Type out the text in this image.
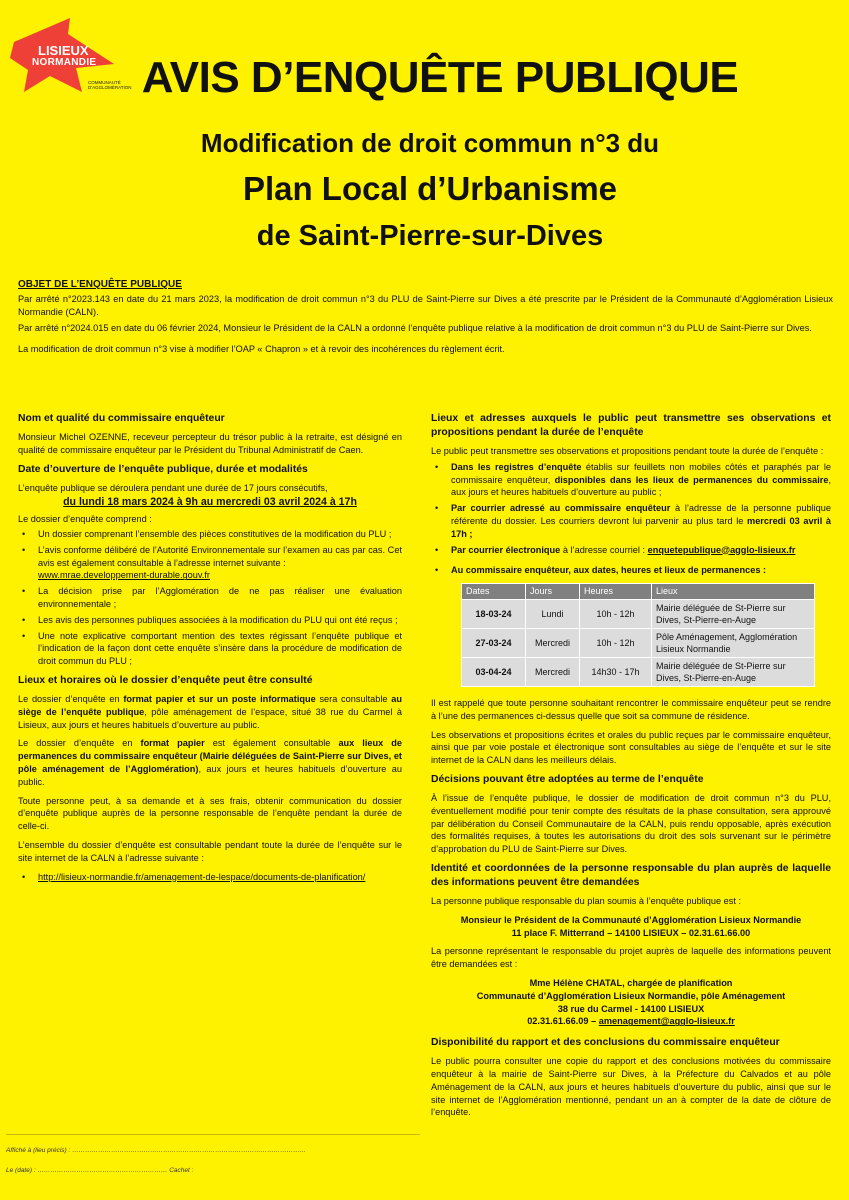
LISIEUX
NORMANDIE
COMMUNAUTÉ D'AGGLOMÉRATION AVIS D’ENQUÊTE PUBLIQUE
Modification de droit commun n°3 du
Plan Local d’Urbanisme
de Saint-Pierre-sur-Dives
OBJET DE L’ENQUÊTE PUBLIQUE

Par arrêté n°2023.143 en date du 21 mars 2023, la modification de droit commun n°3 du PLU de Saint-Pierre sur Dives a été prescrite par le Président de la Communauté d’Agglomération Lisieux Normandie (CALN).

Par arrêté n°2024.015 en date du 06 février 2024, Monsieur le Président de la CALN a ordonné l’enquête publique relative à la modification de droit commun n°3 du PLU de Saint-Pierre sur Dives.

La modification de droit commun n°3 vise à modifier l’OAP « Chapron » et à revoir des incohérences du règlement écrit.

Nom et qualité du commissaire enquêteur

Monsieur Michel OZENNE, receveur percepteur du trésor public à la retraite, est désigné en qualité de commissaire enquêteur par le Président du Tribunal Administratif de Caen.

Date d’ouverture de l’enquête publique, durée et modalités

L’enquête publique se déroulera pendant une durée de 17 jours consécutifs,

du lundi 18 mars 2024 à 9h au mercredi 03 avril 2024 à 17h

Le dossier d’enquête comprend :

• Un dossier comprenant l’ensemble des pièces constitutives de la modification du PLU ;
• L’avis conforme délibéré de l’Autorité Environnementale sur l’examen au cas par cas. Cet avis est également consultable à l’adresse internet suivante :
www.mrae.developpement-durable.gouv.fr
• La décision prise par l’Agglomération de ne pas réaliser une évaluation environnementale ;
• Les avis des personnes publiques associées à la modification du PLU qui ont été reçus ;
• Une note explicative comportant mention des textes régissant l’enquête publique et l’indication de la façon dont cette enquête s’insère dans la procédure de modification de droit commun du PLU ;
Lieux et horaires où le dossier d’enquête peut être consulté

Le dossier d’enquête en format papier et sur un poste informatique sera consultable au siège de l’enquête publique, pôle aménagement de l’espace, situé 38 rue du Carmel à Lisieux, aux jours et heures habituels d’ouverture au public.

Le dossier d’enquête en format papier est également consultable aux lieux de permanences du commissaire enquêteur (Mairie déléguées de Saint-Pierre sur Dives, et pôle aménagement de l’Agglomération), aux jours et heures habituels d’ouverture au public.

Toute personne peut, à sa demande et à ses frais, obtenir communication du dossier d’enquête publique auprès de la personne responsable de l’enquête pendant la durée de celle-ci.

L’ensemble du dossier d’enquête est consultable pendant toute la durée de l’enquête sur le site internet de la CALN à l’adresse suivante :

• http://lisieux-normandie.fr/amenagement-de-lespace/documents-de-planification/
Lieux et adresses auxquels le public peut transmettre ses observations et propositions pendant la durée de l’enquête

Le public peut transmettre ses observations et propositions pendant toute la durée de l’enquête :

• Dans les registres d’enquête établis sur feuillets non mobiles côtés et paraphés par le commissaire enquêteur, disponibles dans les lieux de permanences du commissaire, aux jours et heures habituels d’ouverture au public ;
• Par courrier adressé au commissaire enquêteur à l’adresse de la personne publique référente du dossier. Les courriers devront lui parvenir au plus tard le mercredi 03 avril à 17h ;
• Par courrier électronique à l’adresse courriel : enquetepublique@agglo-lisieux.fr
• Au commissaire enquêteur, aux dates, heures et lieux de permanences :
Dates	Jours	Heures	Lieux
18-03-24	Lundi	10h - 12h	Mairie déléguée de St-Pierre sur Dives, St-Pierre-en-Auge
27-03-24	Mercredi	10h - 12h	Pôle Aménagement, Agglomération Lisieux Normandie
03-04-24	Mercredi	14h30 - 17h	Mairie déléguée de St-Pierre sur Dives, St-Pierre-en-Auge

Il est rappelé que toute personne souhaitant rencontrer le commissaire enquêteur peut se rendre à l’une des permanences ci-dessus quelle que soit sa commune de résidence.

Les observations et propositions écrites et orales du public reçues par le commissaire enquêteur, ainsi que par voie postale et électronique sont consultables au siège de l’enquête et sur le site internet de la CALN dans les meilleurs délais.

Décisions pouvant être adoptées au terme de l’enquête

À l’issue de l’enquête publique, le dossier de modification de droit commun n°3 du PLU, éventuellement modifié pour tenir compte des résultats de la phase consultation, sera approuvé par délibération du Conseil Communautaire de la CALN, puis rendu opposable, après exécution des formalités requises, à toutes les autorisations du droit des sols survenant sur le périmètre d’approbation du PLU de Saint-Pierre sur Dives.

Identité et coordonnées de la personne responsable du plan auprès de laquelle des informations peuvent être demandées

La personne publique responsable du plan soumis à l’enquête publique est :

Monsieur le Président de la Communauté d’Agglomération Lisieux Normandie
11 place F. Mitterrand – 14100 LISIEUX – 02.31.61.66.00

La personne représentant le responsable du projet auprès de laquelle des informations peuvent être demandées est :

Mme Hélène CHATAL, chargée de planification
Communauté d’Agglomération Lisieux Normandie, pôle Aménagement
38 rue du Carmel - 14100 LISIEUX
02.31.61.66.09 – amenagement@agglo-lisieux.fr
Disponibilité du rapport et des conclusions du commissaire enquêteur

Le public pourra consulter une copie du rapport et des conclusions motivées du commissaire enquêteur à la mairie de Saint-Pierre sur Dives, à la Préfecture du Calvados et au pôle Aménagement de la CALN, aux jours et heures habituels d’ouverture du public, ainsi que sur le site internet de l’Agglomération mentionné, pendant un an à compter de la date de clôture de l’enquête.

Affiché à (lieu précis) : ………………………………………………………………………………………………
Le (date) : …………………………………………………… Cachet :
